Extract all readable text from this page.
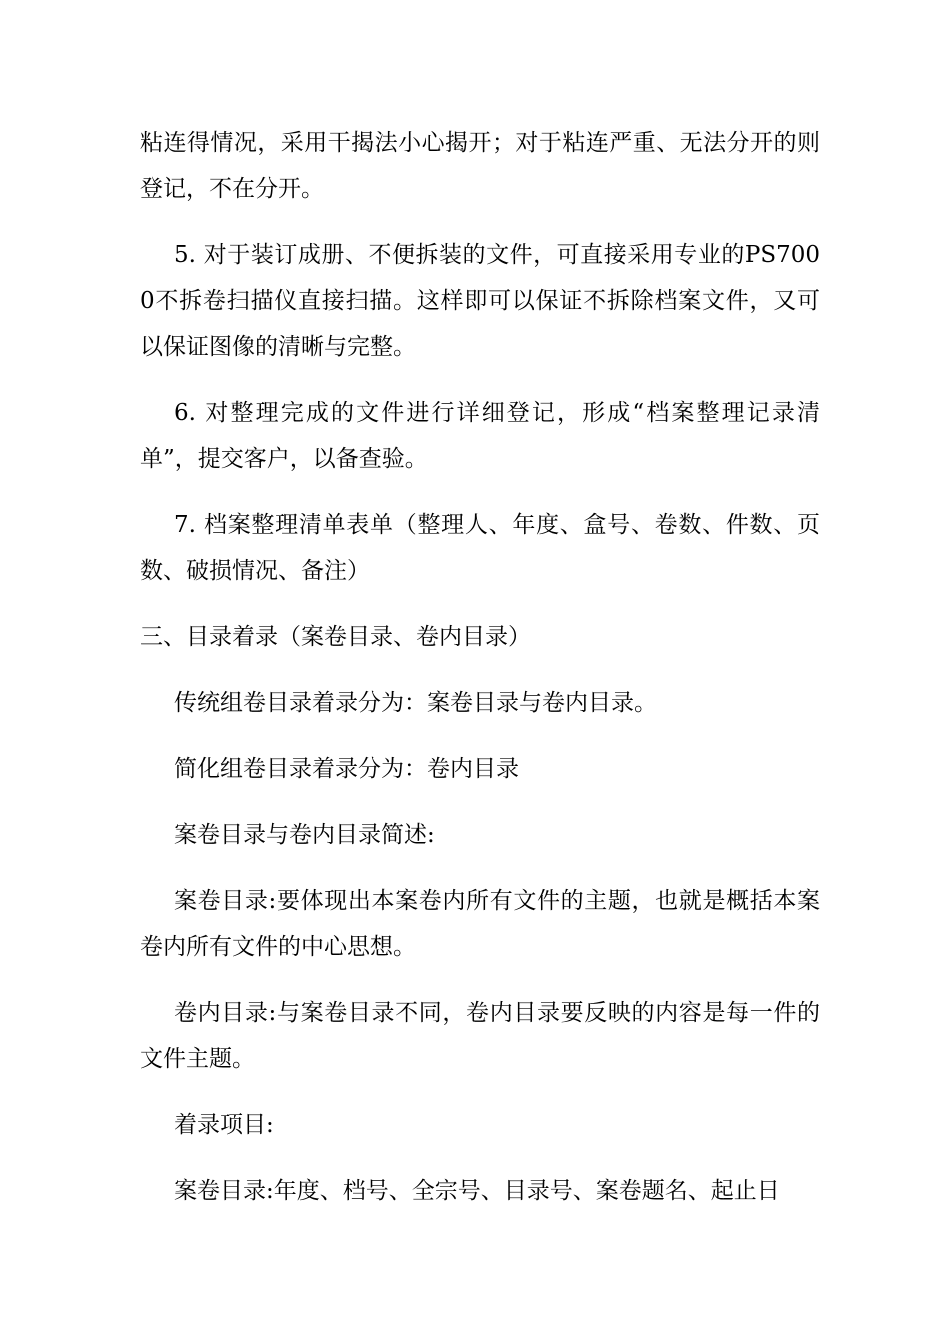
粘连得情况，采用干揭法小心揭开；对于粘连严重、无法分开的则登记，不在分开。

5. 对于装订成册、不便拆装的文件，可直接采用专业的PS7000不拆卷扫描仪直接扫描。这样即可以保证不拆除档案文件，又可以保证图像的清晰与完整。

6. 对整理完成的文件进行详细登记，形成“档案整理记录清单”，提交客户，以备查验。

7. 档案整理清单表单（整理人、年度、盒号、卷数、件数、页数、破损情况、备注）

三、目录着录（案卷目录、卷内目录）

传统组卷目录着录分为：案卷目录与卷内目录。

简化组卷目录着录分为：卷内目录

案卷目录与卷内目录简述:

案卷目录:要体现出本案卷内所有文件的主题，也就是概括本案卷内所有文件的中心思想。

卷内目录:与案卷目录不同，卷内目录要反映的内容是每一件的文件主题。

着录项目:

案卷目录:年度、档号、全宗号、目录号、案卷题名、起止日
